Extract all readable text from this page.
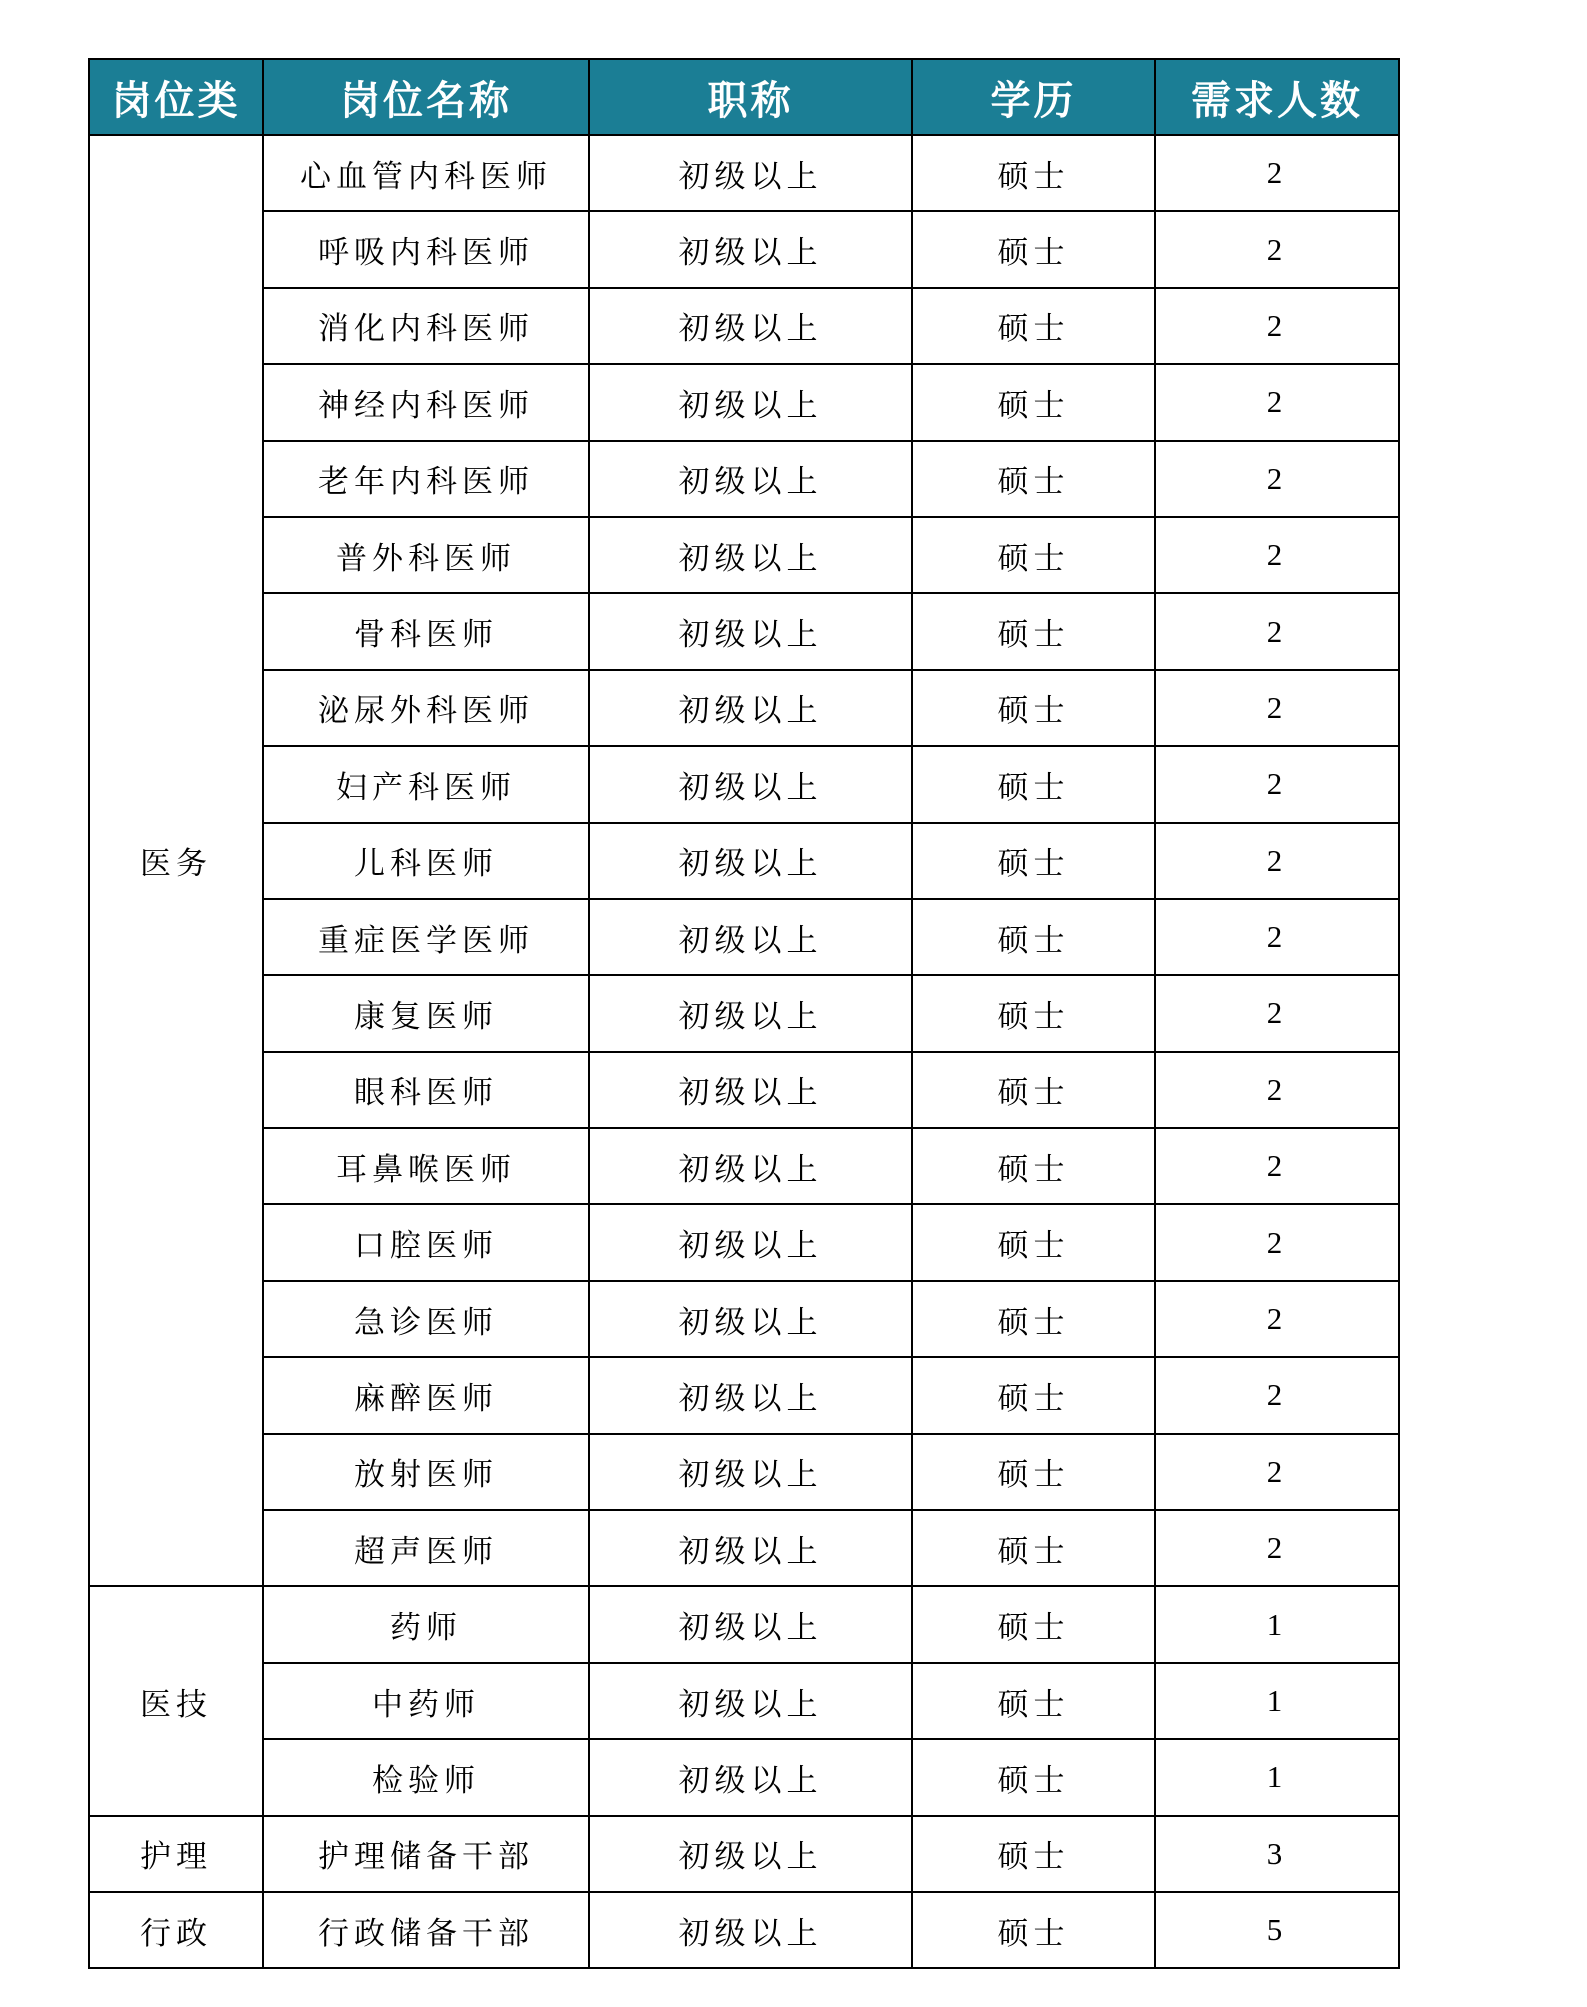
岗位类	岗位名称	职称	学历	需求人数
医务	心血管内科医师	初级以上	硕士	2
	呼吸内科医师	初级以上	硕士	2
	消化内科医师	初级以上	硕士	2
	神经内科医师	初级以上	硕士	2
	老年内科医师	初级以上	硕士	2
	普外科医师	初级以上	硕士	2
	骨科医师	初级以上	硕士	2
	泌尿外科医师	初级以上	硕士	2
	妇产科医师	初级以上	硕士	2
	儿科医师	初级以上	硕士	2
	重症医学医师	初级以上	硕士	2
	康复医师	初级以上	硕士	2
	眼科医师	初级以上	硕士	2
	耳鼻喉医师	初级以上	硕士	2
	口腔医师	初级以上	硕士	2
	急诊医师	初级以上	硕士	2
	麻醉医师	初级以上	硕士	2
	放射医师	初级以上	硕士	2
	超声医师	初级以上	硕士	2
医技	药师	初级以上	硕士	1
	中药师	初级以上	硕士	1
	检验师	初级以上	硕士	1
护理	护理储备干部	初级以上	硕士	3
行政	行政储备干部	初级以上	硕士	5
